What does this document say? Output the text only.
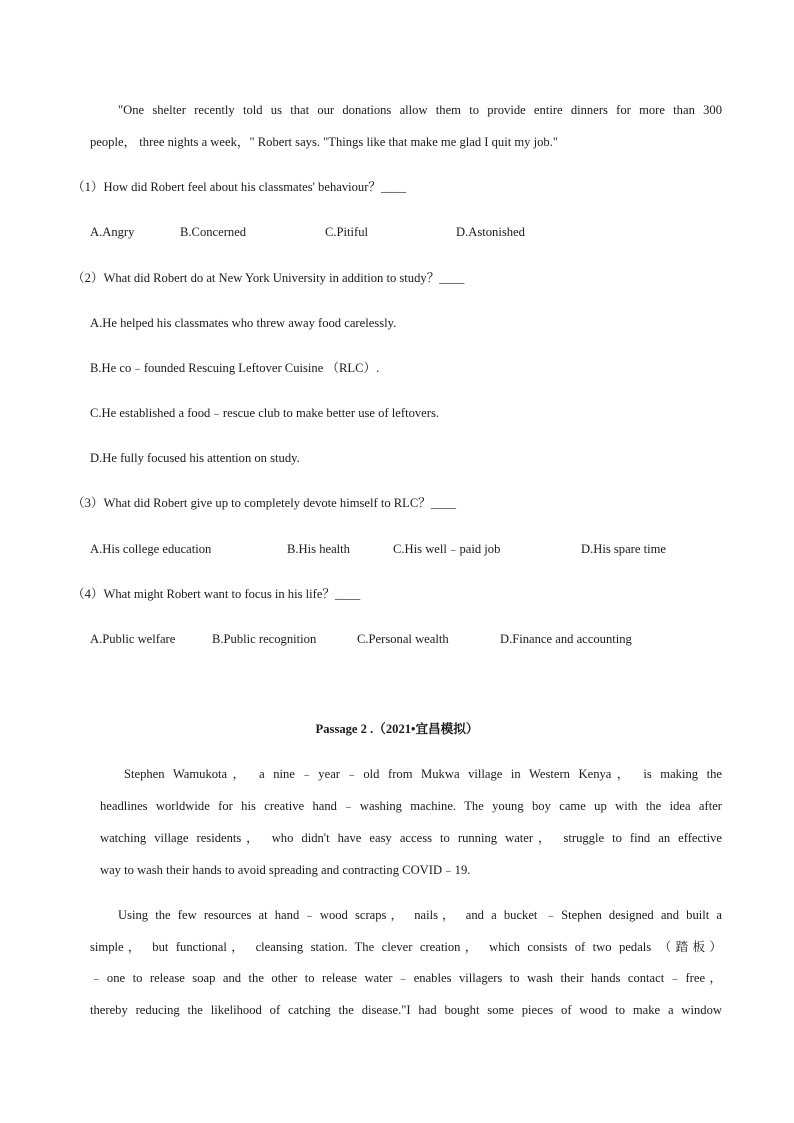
"One shelter recently told us that our donations allow them to provide entire dinners for more than 300
people， three nights a week，" Robert says. "Things like that make me glad I quit my job."
（1）How did Robert feel about his classmates' behaviour？____
A.Angry	B.Concerned	C.Pitiful	D.Astonished
（2）What did Robert do at New York University in addition to study？____
A.He helped his classmates who threw away food carelessly.
B.He co﹣founded Rescuing Leftover Cuisine （RLC）.
C.He established a food﹣rescue club to make better use of leftovers.
D.He fully focused his attention on study.
（3）What did Robert give up to completely devote himself to RLC？____
A.His college education	B.His health	C.His well﹣paid job	D.His spare time
（4）What might Robert want to focus in his life？____
A.Public welfare	B.Public recognition	C.Personal wealth	D.Finance and accounting
Passage 2 .（2021•宜昌模拟）
Stephen Wamukota， a nine﹣year﹣old from Mukwa village in Western Kenya， is making the
headlines worldwide for his creative hand﹣washing machine. The young boy came up with the idea after
watching village residents， who didn't have easy access to running water， struggle to find an effective
way to wash their hands to avoid spreading and contracting COVID﹣19.
Using the few resources at hand﹣wood scraps， nails， and a bucket ﹣Stephen designed and built a
simple， but functional， cleansing station. The clever creation， which consists of two pedals （踏板）
﹣one to release soap and the other to release water﹣enables villagers to wash their hands contact﹣free，
thereby reducing the likelihood of catching the disease."I had bought some pieces of wood to make a window
